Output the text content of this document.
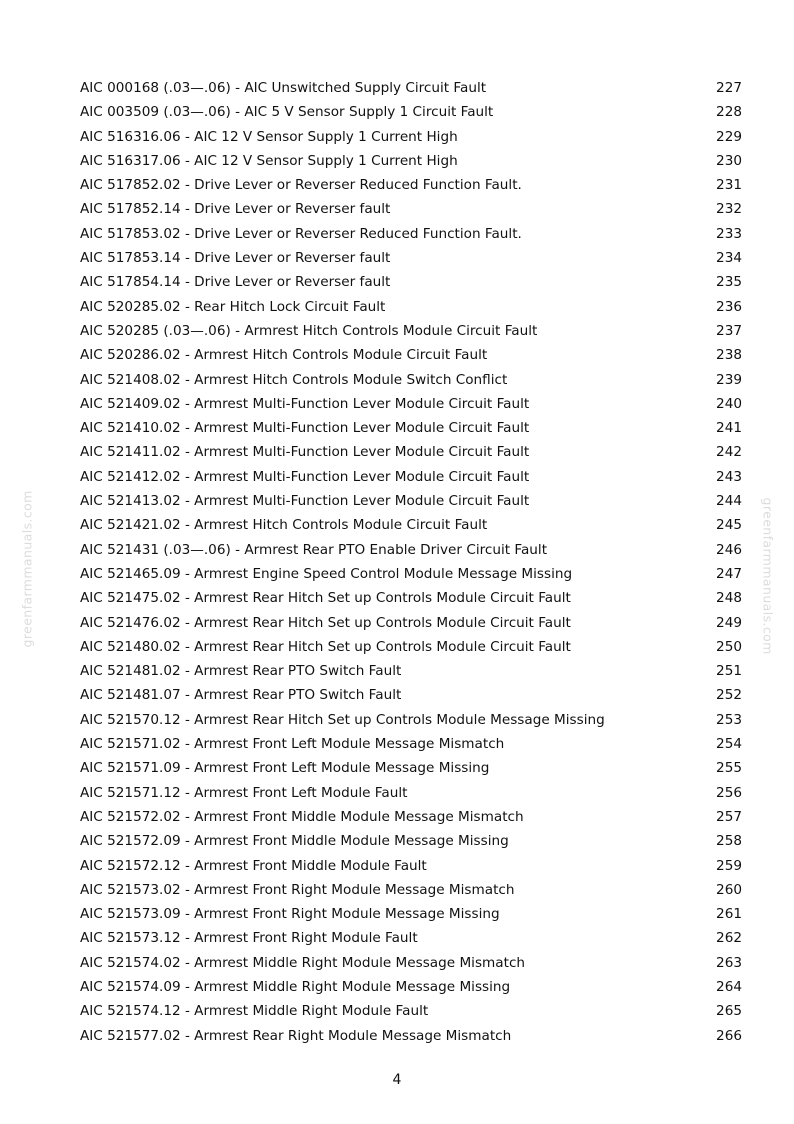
AIC 000168 (.03—.06) - AIC Unswitched Supply Circuit Fault	227
AIC 003509 (.03—.06) - AIC 5 V Sensor Supply 1 Circuit Fault	228
AIC 516316.06 - AIC 12 V Sensor Supply 1 Current High	229
AIC 516317.06 - AIC 12 V Sensor Supply 1 Current High	230
AIC 517852.02 - Drive Lever or Reverser Reduced Function Fault.	231
AIC 517852.14 - Drive Lever or Reverser fault	232
AIC 517853.02 - Drive Lever or Reverser Reduced Function Fault.	233
AIC 517853.14 - Drive Lever or Reverser fault	234
AIC 517854.14 - Drive Lever or Reverser fault	235
AIC 520285.02 - Rear Hitch Lock Circuit Fault	236
AIC 520285 (.03—.06) - Armrest Hitch Controls Module Circuit Fault	237
AIC 520286.02 - Armrest Hitch Controls Module Circuit Fault	238
AIC 521408.02 - Armrest Hitch Controls Module Switch Conflict	239
AIC 521409.02 - Armrest Multi-Function Lever Module Circuit Fault	240
AIC 521410.02 - Armrest Multi-Function Lever Module Circuit Fault	241
AIC 521411.02 - Armrest Multi-Function Lever Module Circuit Fault	242
AIC 521412.02 - Armrest Multi-Function Lever Module Circuit Fault	243
AIC 521413.02 - Armrest Multi-Function Lever Module Circuit Fault	244
AIC 521421.02 - Armrest Hitch Controls Module Circuit Fault	245
AIC 521431 (.03—.06) - Armrest Rear PTO Enable Driver Circuit Fault	246
AIC 521465.09 - Armrest Engine Speed Control Module Message Missing	247
AIC 521475.02 - Armrest Rear Hitch Set up Controls Module Circuit Fault	248
AIC 521476.02 - Armrest Rear Hitch Set up Controls Module Circuit Fault	249
AIC 521480.02 - Armrest Rear Hitch Set up Controls Module Circuit Fault	250
AIC 521481.02 - Armrest Rear PTO Switch Fault	251
AIC 521481.07 - Armrest Rear PTO Switch Fault	252
AIC 521570.12 - Armrest Rear Hitch Set up Controls Module Message Missing	253
AIC 521571.02 - Armrest Front Left Module Message Mismatch	254
AIC 521571.09 - Armrest Front Left Module Message Missing	255
AIC 521571.12 - Armrest Front Left Module Fault	256
AIC 521572.02 - Armrest Front Middle Module Message Mismatch	257
AIC 521572.09 - Armrest Front Middle Module Message Missing	258
AIC 521572.12 - Armrest Front Middle Module Fault	259
AIC 521573.02 - Armrest Front Right Module Message Mismatch	260
AIC 521573.09 - Armrest Front Right Module Message Missing	261
AIC 521573.12 - Armrest Front Right Module Fault	262
AIC 521574.02 - Armrest Middle Right Module Message Mismatch	263
AIC 521574.09 - Armrest Middle Right Module Message Missing	264
AIC 521574.12 - Armrest Middle Right Module Fault	265
AIC 521577.02 - Armrest Rear Right Module Message Mismatch	266
4
greenfarmmanuals.com	greenfarmmanuals.com
